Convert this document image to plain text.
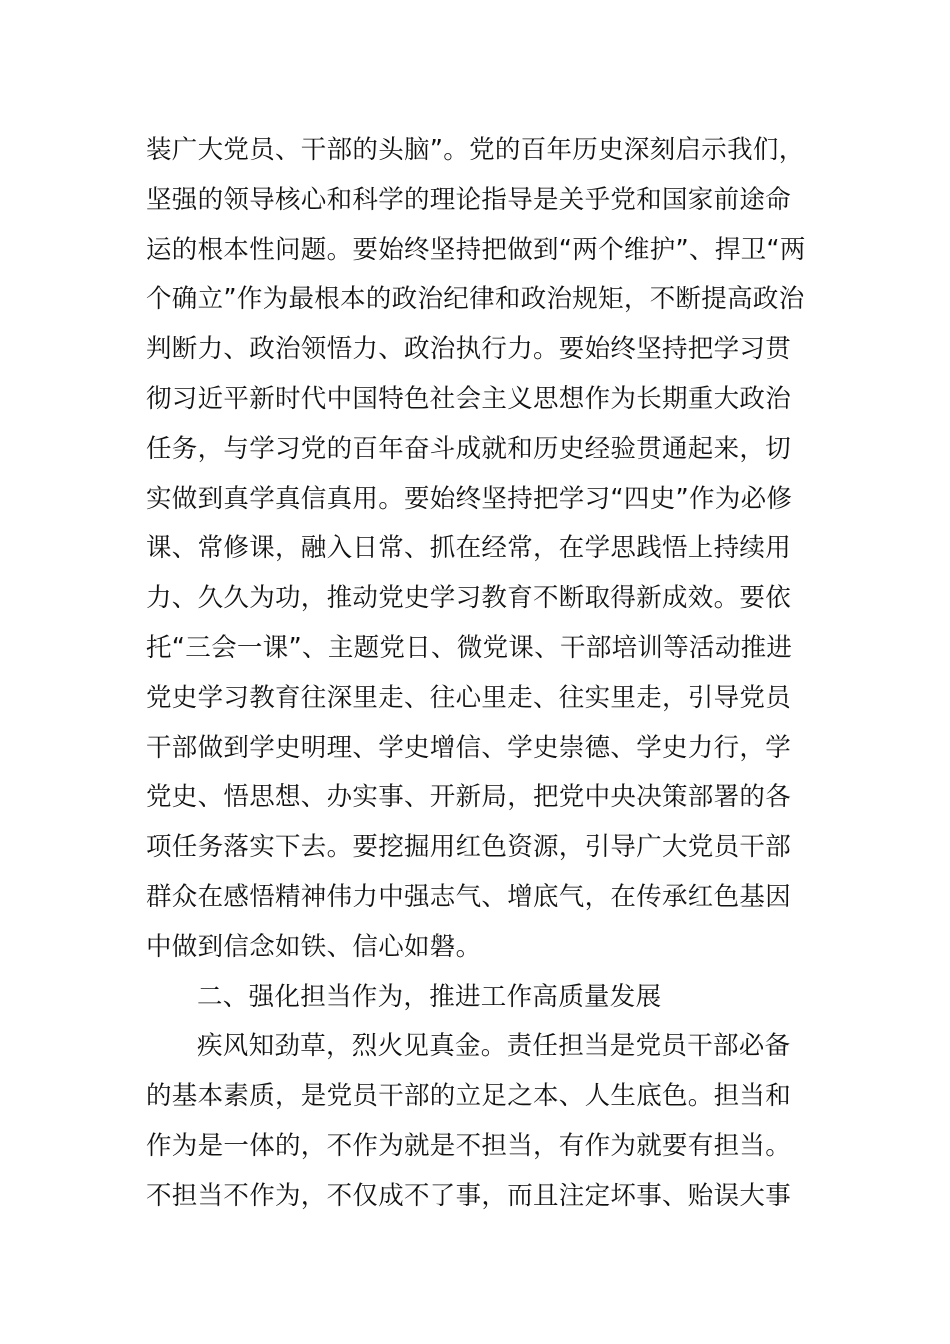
装广大党员、干部的头脑”。党的百年历史深刻启示我们，
坚强的领导核心和科学的理论指导是关乎党和国家前途命
运的根本性问题。要始终坚持把做到“两个维护”、捍卫“两
个确立”作为最根本的政治纪律和政治规矩，不断提高政治
判断力、政治领悟力、政治执行力。要始终坚持把学习贯
彻习近平新时代中国特色社会主义思想作为长期重大政治
任务，与学习党的百年奋斗成就和历史经验贯通起来，切
实做到真学真信真用。要始终坚持把学习“四史”作为必修
课、常修课，融入日常、抓在经常，在学思践悟上持续用
力、久久为功，推动党史学习教育不断取得新成效。要依
托“三会一课”、主题党日、微党课、干部培训等活动推进
党史学习教育往深里走、往心里走、往实里走，引导党员
干部做到学史明理、学史增信、学史崇德、学史力行，学
党史、悟思想、办实事、开新局，把党中央决策部署的各
项任务落实下去。要挖掘用红色资源，引导广大党员干部
群众在感悟精神伟力中强志气、增底气，在传承红色基因
中做到信念如铁、信心如磐。
二、强化担当作为，推进工作高质量发展
疾风知劲草，烈火见真金。责任担当是党员干部必备
的基本素质，是党员干部的立足之本、人生底色。担当和
作为是一体的，不作为就是不担当，有作为就要有担当。
不担当不作为，不仅成不了事，而且注定坏事、贻误大事
